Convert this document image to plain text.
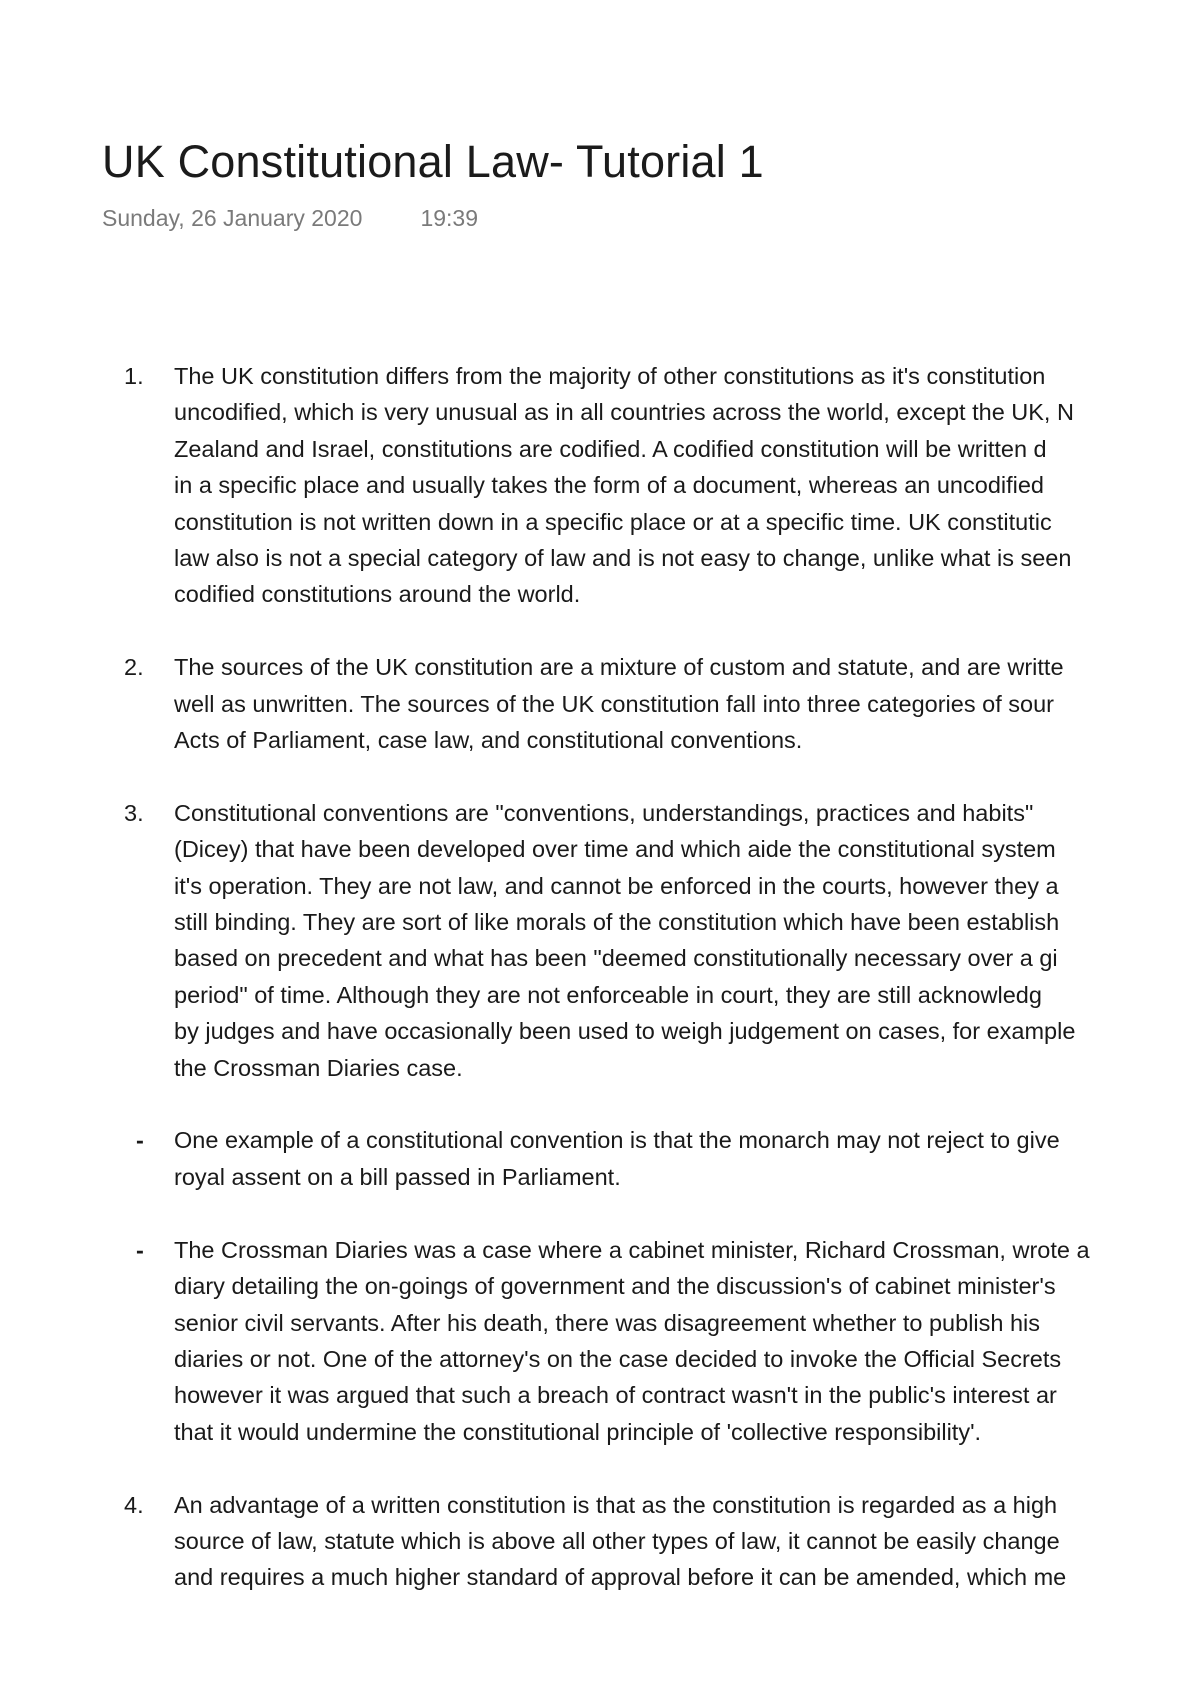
UK Constitutional Law- Tutorial 1
Sunday, 26 January 2020	19:39
1. The UK constitution differs from the majority of other constitutions as it's constitution
uncodified, which is very unusual as in all countries across the world, except the UK, N
Zealand and Israel, constitutions are codified. A codified constitution will be written d
in a specific place and usually takes the form of a document, whereas an uncodified
constitution is not written down in a specific place or at a specific time. UK constitutic
law also is not a special category of law and is not easy to change, unlike what is seen
codified constitutions around the world.
2. The sources of the UK constitution are a mixture of custom and statute, and are writte
well as unwritten. The sources of the UK constitution fall into three categories of sour
Acts of Parliament, case law, and constitutional conventions.
3. Constitutional conventions are "conventions, understandings, practices and habits"
(Dicey) that have been developed over time and which aide the constitutional system
it's operation. They are not law, and cannot be enforced in the courts, however they a
still binding. They are sort of like morals of the constitution which have been establish
based on precedent and what has been "deemed constitutionally necessary over a gi
period" of time. Although they are not enforceable in court, they are still acknowledg
by judges and have occasionally been used to weigh judgement on cases, for example
the Crossman Diaries case.
- One example of a constitutional convention is that the monarch may not reject to give
royal assent on a bill passed in Parliament.
- The Crossman Diaries was a case where a cabinet minister, Richard Crossman, wrote a
diary detailing the on-goings of government and the discussion's of cabinet minister's
senior civil servants. After his death, there was disagreement whether to publish his
diaries or not. One of the attorney's on the case decided to invoke the Official Secrets
however it was argued that such a breach of contract wasn't in the public's interest ar
that it would undermine the constitutional principle of 'collective responsibility'.
4. An advantage of a written constitution is that as the constitution is regarded as a high
source of law, statute which is above all other types of law, it cannot be easily change
and requires a much higher standard of approval before it can be amended, which me
